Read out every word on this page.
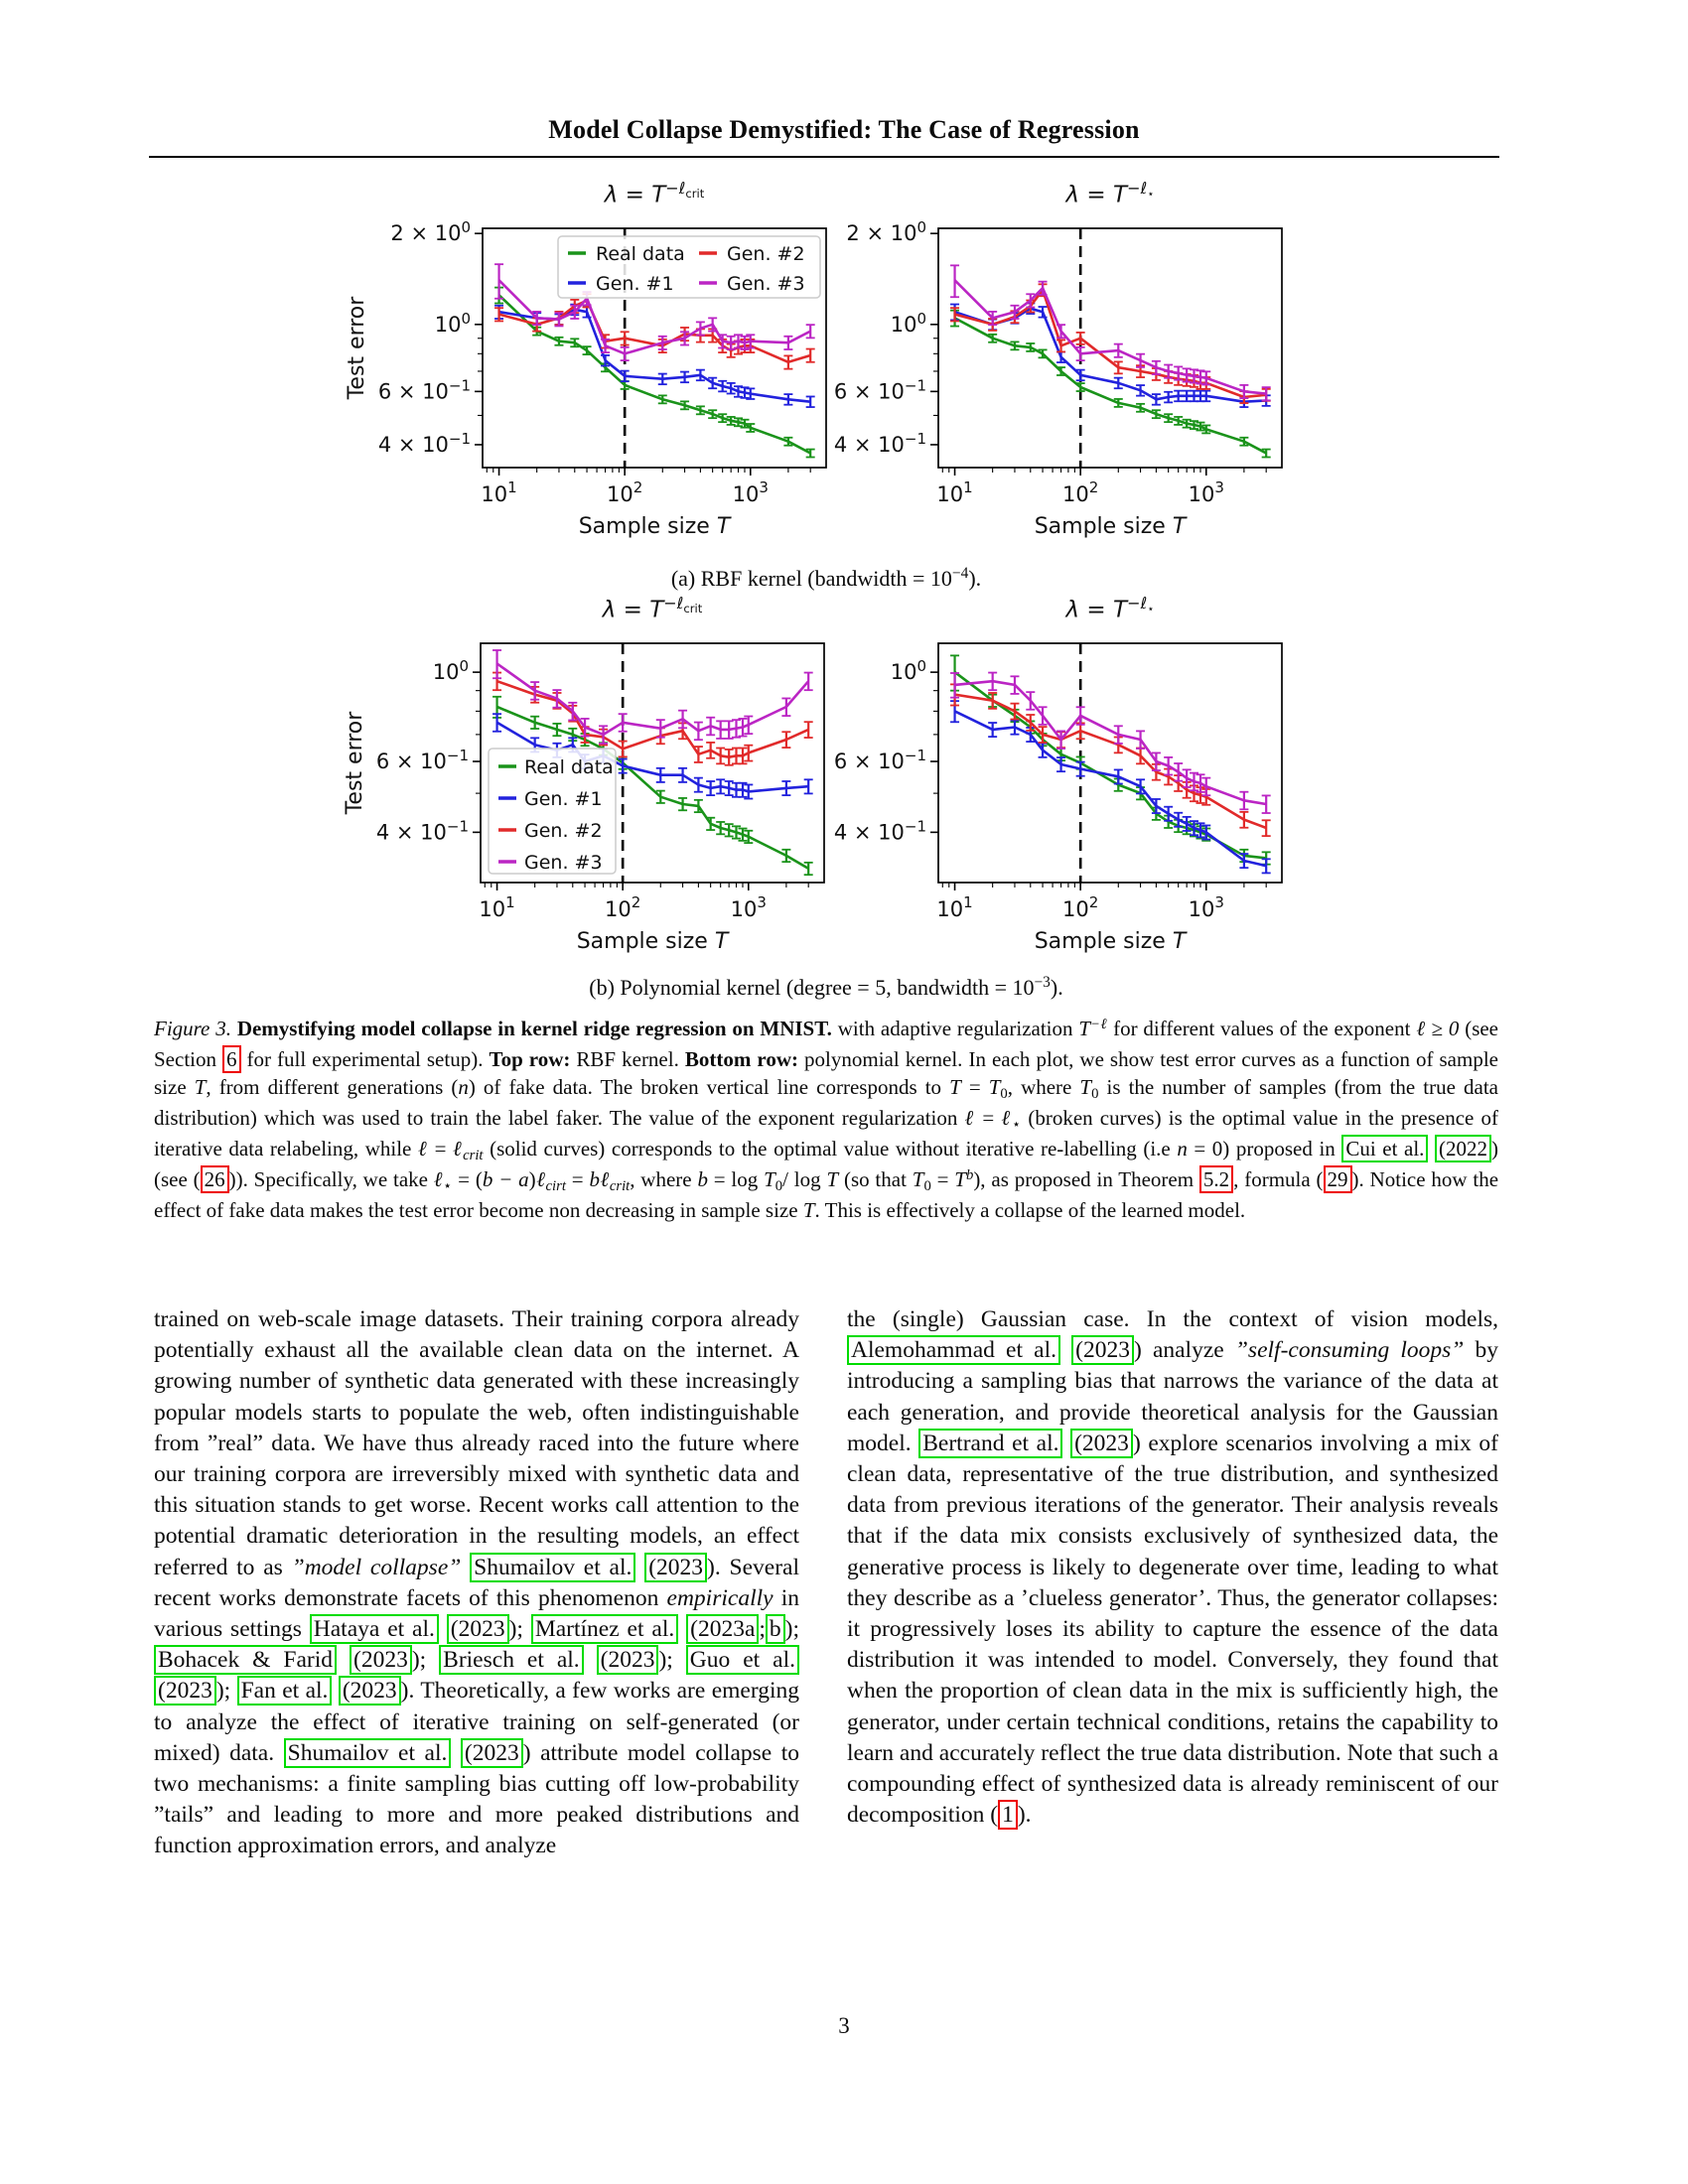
Model Collapse Demystified: The Case of Regression
$\lambda = T^{-\ell_{crit}}$
$10^1$	$10^2$	$10^3$
$2 \times 10^0$
$10^0$
$6 \times 10^{-1}$
$4 \times 10^{-1}$
Test error
Sample size T
Real data
Gen. #1
Gen. #2
Gen. #3
$\lambda = T^{-\ell_⋆}$
$10^1$	$10^2$	$10^3$
$2 \times 10^0$
$10^0$
$6 \times 10^{-1}$
$4 \times 10^{-1}$
Sample size T
$\lambda = T^{-\ell_{crit}}$
$10^1$	$10^2$	$10^3$
$10^0$
$6 \times 10^{-1}$
$4 \times 10^{-1}$
Test error
Sample size T
Real data
Gen. #1
Gen. #2
Gen. #3
$\lambda = T^{-\ell_⋆}$
$10^1$	$10^2$	$10^3$
$10^0$
$6 \times 10^{-1}$
$4 \times 10^{-1}$
Sample size T
(a) RBF kernel (bandwidth = $10^{-4}$).
(b) Polynomial kernel (degree = 5, bandwidth = $10^{-3}$).
Figure 3. Demystifying model collapse in kernel ridge regression on MNIST. with adaptive regularization $T^{-\ell}$ for different values of the exponent ℓ ≥ 0 (see Section 6 for full experimental setup). Top row: RBF kernel. Bottom row: polynomial kernel. In each plot, we show test error curves as a function of sample size T, from different generations (n) of fake data. The broken vertical line corresponds to T = T0, where T0 is the number of samples (from the true data distribution) which was used to train the label faker. The value of the exponent regularization ℓ = ℓ⋆ (broken curves) is the optimal value in the presence of iterative data relabeling, while ℓ = ℓcrit (solid curves) corresponds to the optimal value without iterative re-labelling (i.e n = 0) proposed in Cui et al. (2022 ) (see ( 26 )). Specifically, we take ℓ⋆ = (b − a)ℓcirt = bℓcrit, where b = log T0/ log T (so that $T0 = T^b$), as proposed in Theorem 5.2 , formula ( 29 ). Notice how the effect of fake data makes the test error become non decreasing in sample size T. This is effectively a collapse of the learned model.
trained on web-scale image datasets. Their training corpora already potentially exhaust all the available clean data on the internet. A growing number of synthetic data generated with these increasingly popular models starts to populate the web, often indistinguishable from ”real” data. We have thus already raced into the future where our training corpora are irreversibly mixed with synthetic data and this situation stands to get worse. Recent works call attention to the potential dramatic deterioration in the resulting models, an effect referred to as ”model collapse” Shumailov et al. (2023 ). Several recent works demonstrate facets of this phenomenon empirically in various settings Hataya et al. (2023 ); Martínez et al. (2023a ; b ); Bohacek & Farid (2023 ); Briesch et al. (2023 ); Guo et al. (2023 ); Fan et al. (2023 ). Theoretically, a few works are emerging to analyze the effect of iterative training on self-generated (or mixed) data. Shumailov et al. (2023 ) attribute model collapse to two mechanisms: a finite sampling bias cutting off low-probability ”tails” and leading to more and more peaked distributions and function approximation errors, and analyze
the (single) Gaussian case. In the context of vision models, Alemohammad et al. (2023 ) analyze ”self-consuming loops” by introducing a sampling bias that narrows the variance of the data at each generation, and provide theoretical analysis for the Gaussian model. Bertrand et al. (2023 ) explore scenarios involving a mix of clean data, representative of the true distribution, and synthesized data from previous iterations of the generator. Their analysis reveals that if the data mix consists exclusively of synthesized data, the generative process is likely to degenerate over time, leading to what they describe as a ’clueless generator’. Thus, the generator collapses: it progressively loses its ability to capture the essence of the data distribution it was intended to model. Conversely, they found that when the proportion of clean data in the mix is sufficiently high, the generator, under certain technical conditions, retains the capability to learn and accurately reflect the true data distribution. Note that such a compounding effect of synthesized data is already reminiscent of our decomposition ( 1 ).
3
